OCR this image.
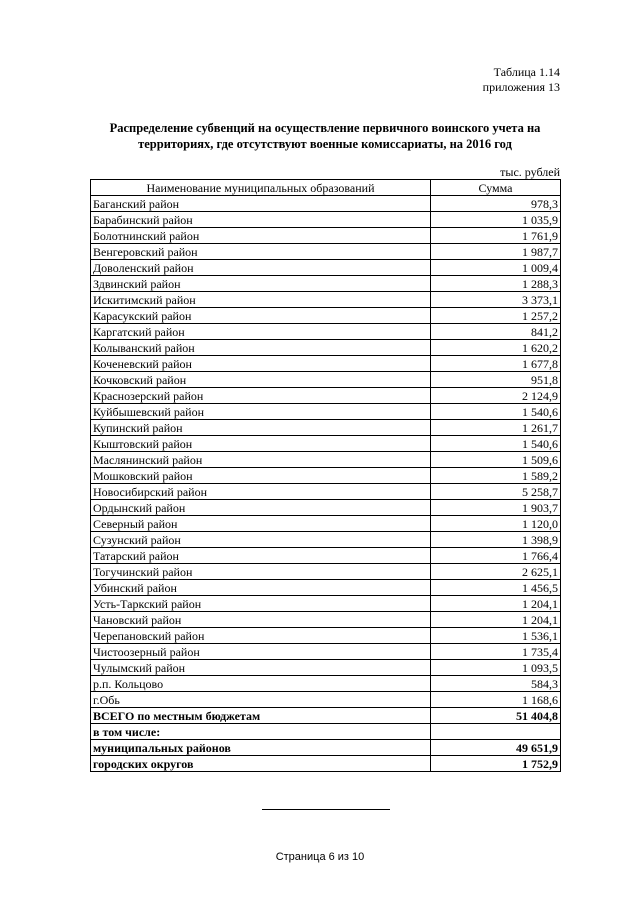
Таблица 1.14
приложения 13
Распределение субвенций на осуществление первичного воинского учета на территориях, где отсутствуют военные комиссариаты, на 2016 год
тыс. рублей
Наименование муниципальных образований	Сумма
Баганский район	978,3
Барабинский район	1 035,9
Болотнинский район	1 761,9
Венгеровский район	1 987,7
Доволенский район	1 009,4
Здвинский район	1 288,3
Искитимский район	3 373,1
Карасукский район	1 257,2
Каргатский район	841,2
Колыванский район	1 620,2
Коченевский район	1 677,8
Кочковский район	951,8
Краснозерский район	2 124,9
Куйбышевский район	1 540,6
Купинский район	1 261,7
Кыштовский район	1 540,6
Маслянинский район	1 509,6
Мошковский район	1 589,2
Новосибирский район	5 258,7
Ордынский район	1 903,7
Северный район	1 120,0
Сузунский район	1 398,9
Татарский район	1 766,4
Тогучинский район	2 625,1
Убинский район	1 456,5
Усть-Таркский район	1 204,1
Чановский район	1 204,1
Черепановский район	1 536,1
Чистоозерный район	1 735,4
Чулымский район	1 093,5
р.п. Кольцово	584,3
г.Обь	1 168,6
ВСЕГО по местным бюджетам	51 404,8
в том числе:	
муниципальных районов	49 651,9
городских округов	1 752,9
Страница 6 из 10
